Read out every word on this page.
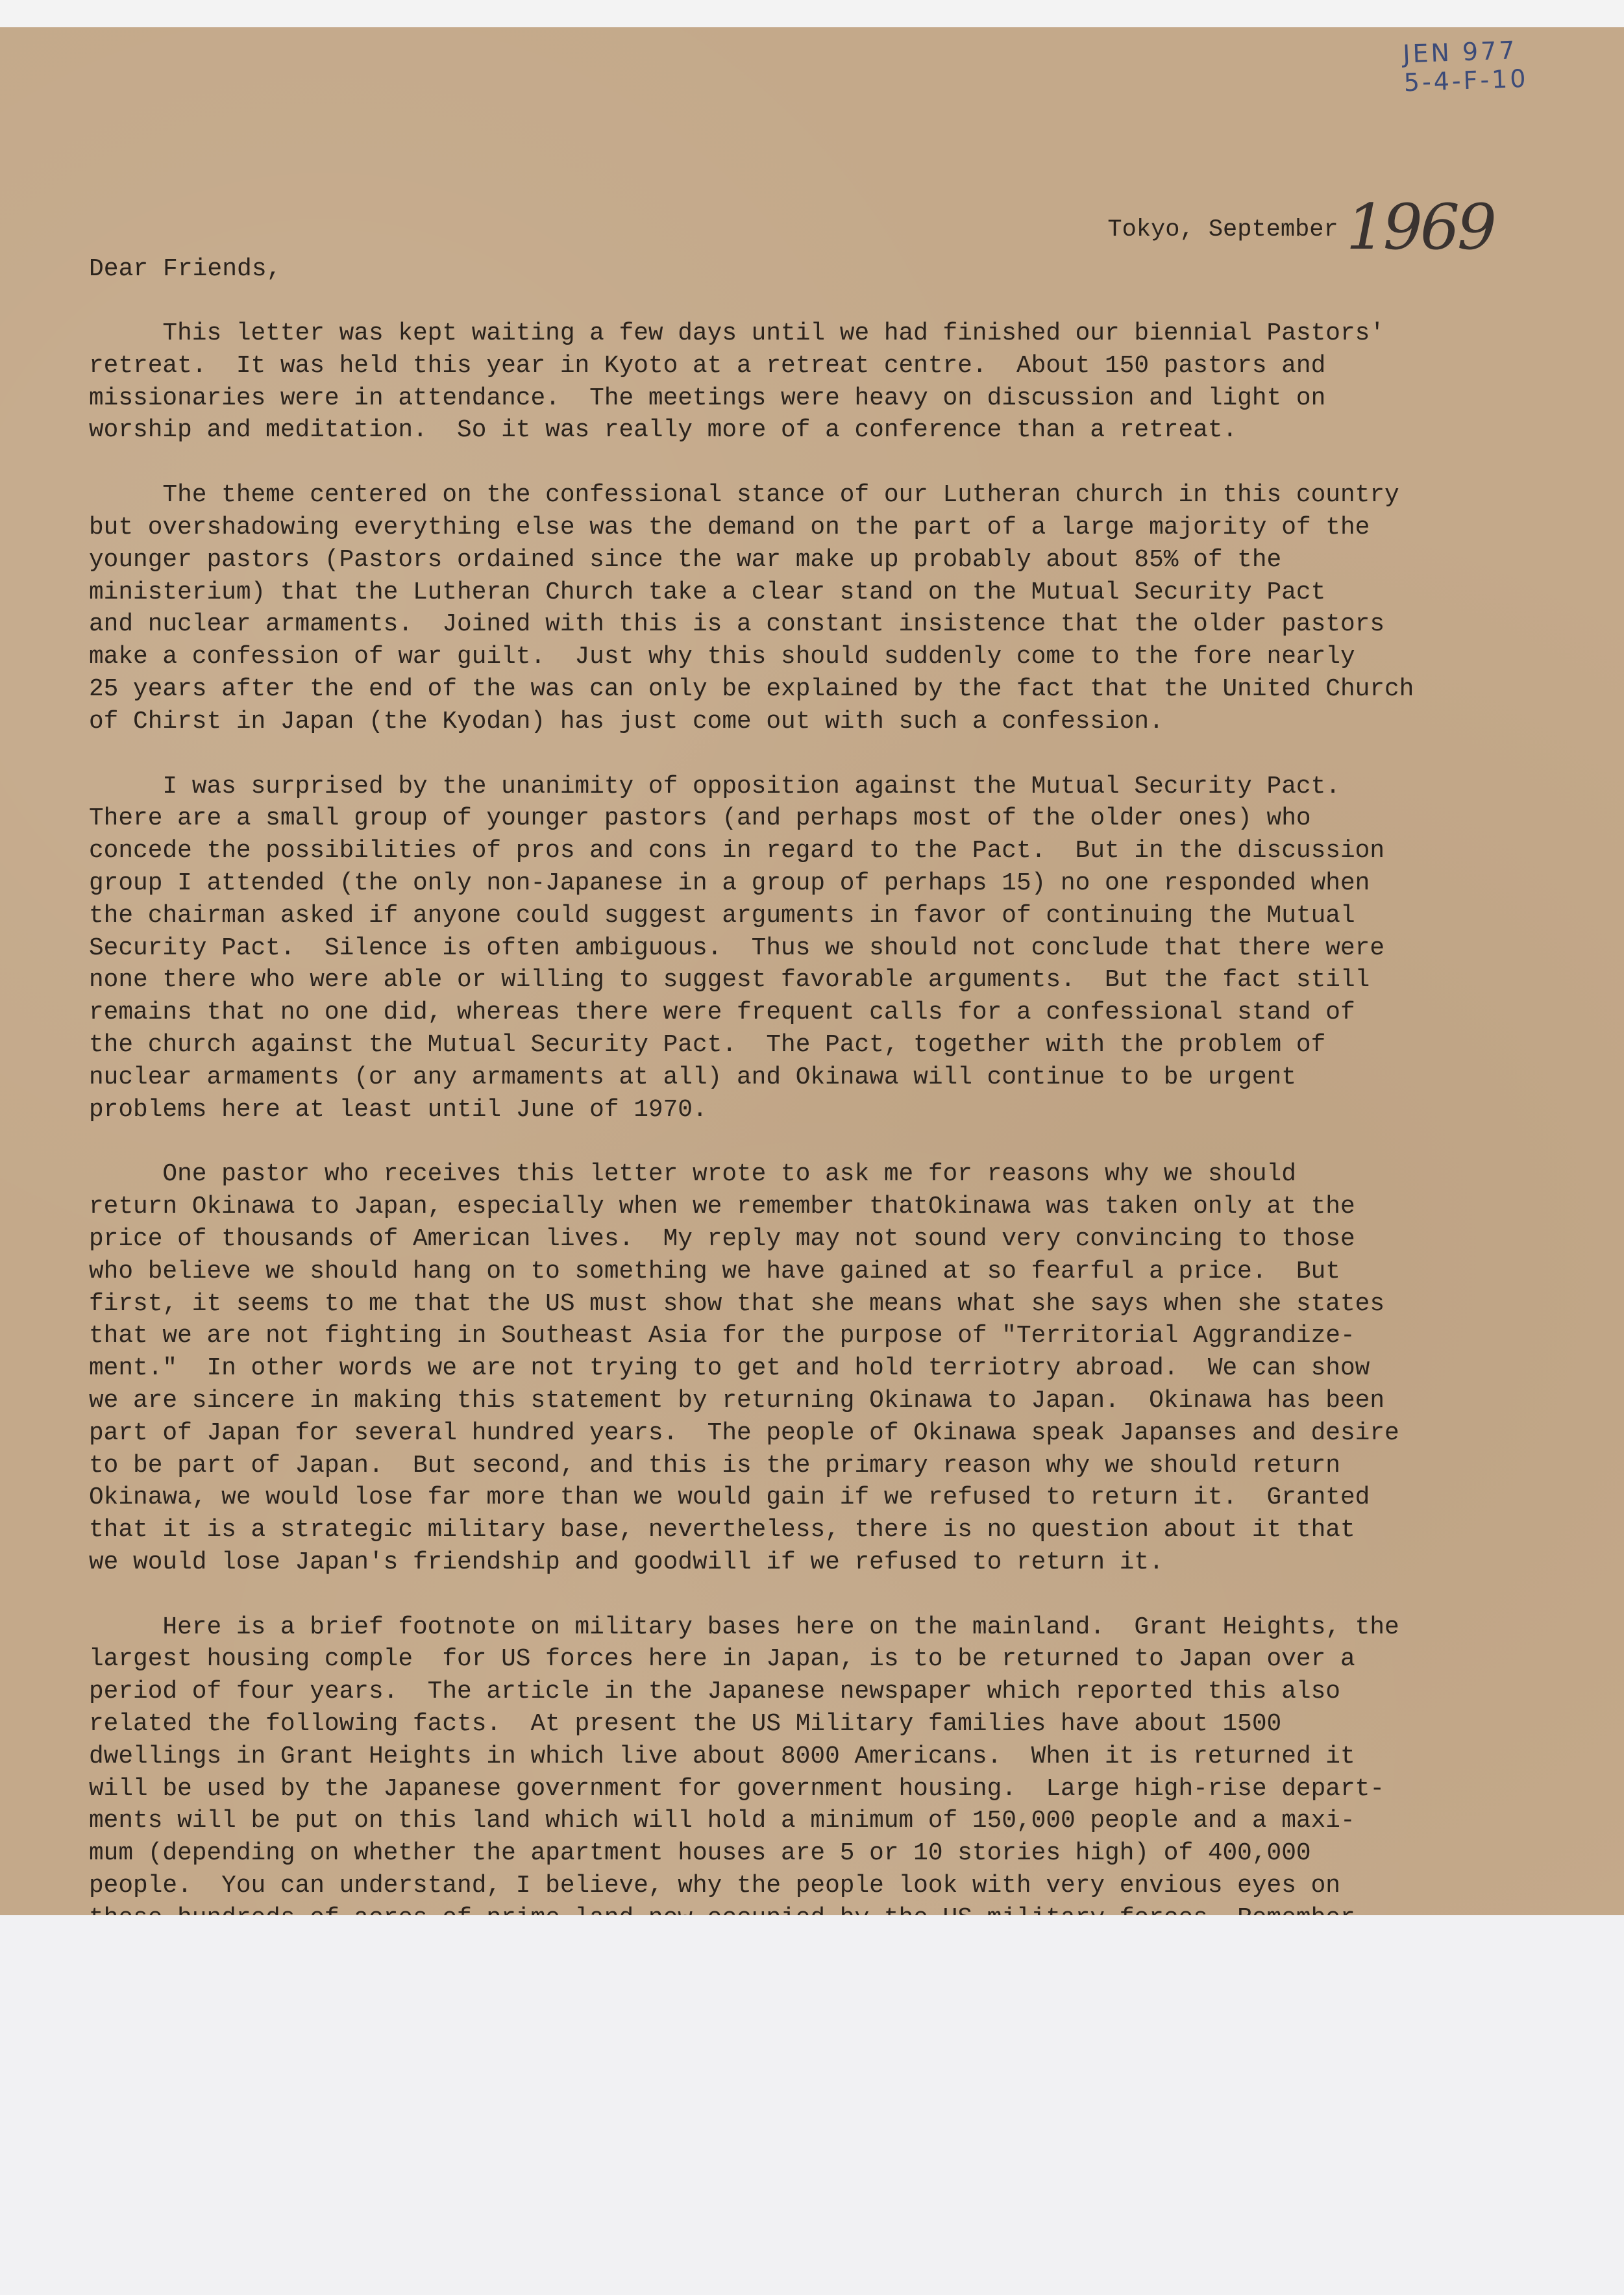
JEN 977
5-4-F-10
Tokyo, September 1969
Dear Friends,
This letter was kept waiting a few days until we had finished our biennial Pastors'
retreat.  It was held this year in Kyoto at a retreat centre.  About 150 pastors and
missionaries were in attendance.  The meetings were heavy on discussion and light on
worship and meditation.  So it was really more of a conference than a retreat.
The theme centered on the confessional stance of our Lutheran church in this country
but overshadowing everything else was the demand on the part of a large majority of the
younger pastors (Pastors ordained since the war make up probably about 85% of the
ministerium) that the Lutheran Church take a clear stand on the Mutual Security Pact
and nuclear armaments.  Joined with this is a constant insistence that the older pastors
make a confession of war guilt.  Just why this should suddenly come to the fore nearly
25 years after the end of the was can only be explained by the fact that the United Church
of Chirst in Japan (the Kyodan) has just come out with such a confession.
I was surprised by the unanimity of opposition against the Mutual Security Pact.
There are a small group of younger pastors (and perhaps most of the older ones) who
concede the possibilities of pros and cons in regard to the Pact.  But in the discussion
group I attended (the only non-Japanese in a group of perhaps 15) no one responded when
the chairman asked if anyone could suggest arguments in favor of continuing the Mutual
Security Pact.  Silence is often ambiguous.  Thus we should not conclude that there were
none there who were able or willing to suggest favorable arguments.  But the fact still
remains that no one did, whereas there were frequent calls for a confessional stand of
the church against the Mutual Security Pact.  The Pact, together with the problem of
nuclear armaments (or any armaments at all) and Okinawa will continue to be urgent
problems here at least until June of 1970.
One pastor who receives this letter wrote to ask me for reasons why we should
return Okinawa to Japan, especially when we remember thatOkinawa was taken only at the
price of thousands of American lives.  My reply may not sound very convincing to those
who believe we should hang on to something we have gained at so fearful a price.  But
first, it seems to me that the US must show that she means what she says when she states
that we are not fighting in Southeast Asia for the purpose of "Territorial Aggrandize-
ment."  In other words we are not trying to get and hold terriotry abroad.  We can show
we are sincere in making this statement by returning Okinawa to Japan.  Okinawa has been
part of Japan for several hundred years.  The people of Okinawa speak Japanses and desire
to be part of Japan.  But second, and this is the primary reason why we should return
Okinawa, we would lose far more than we would gain if we refused to return it.  Granted
that it is a strategic military base, nevertheless, there is no question about it that
we would lose Japan's friendship and goodwill if we refused to return it.
Here is a brief footnote on military bases here on the mainland.  Grant Heights, the
largest housing comple  for US forces here in Japan, is to be returned to Japan over a
period of four years.  The article in the Japanese newspaper which reported this also
related the following facts.  At present the US Military families have about 1500
dwellings in Grant Heights in which live about 8000 Americans.  When it is returned it
will be used by the Japanese government for government housing.  Large high-rise depart-
ments will be put on this land which will hold a minimum of 150,000 people and a maxi-
mum (depending on whether the apartment houses are 5 or 10 stories high) of 400,000
people.  You can understand, I believe, why the people look with very envious eyes on
